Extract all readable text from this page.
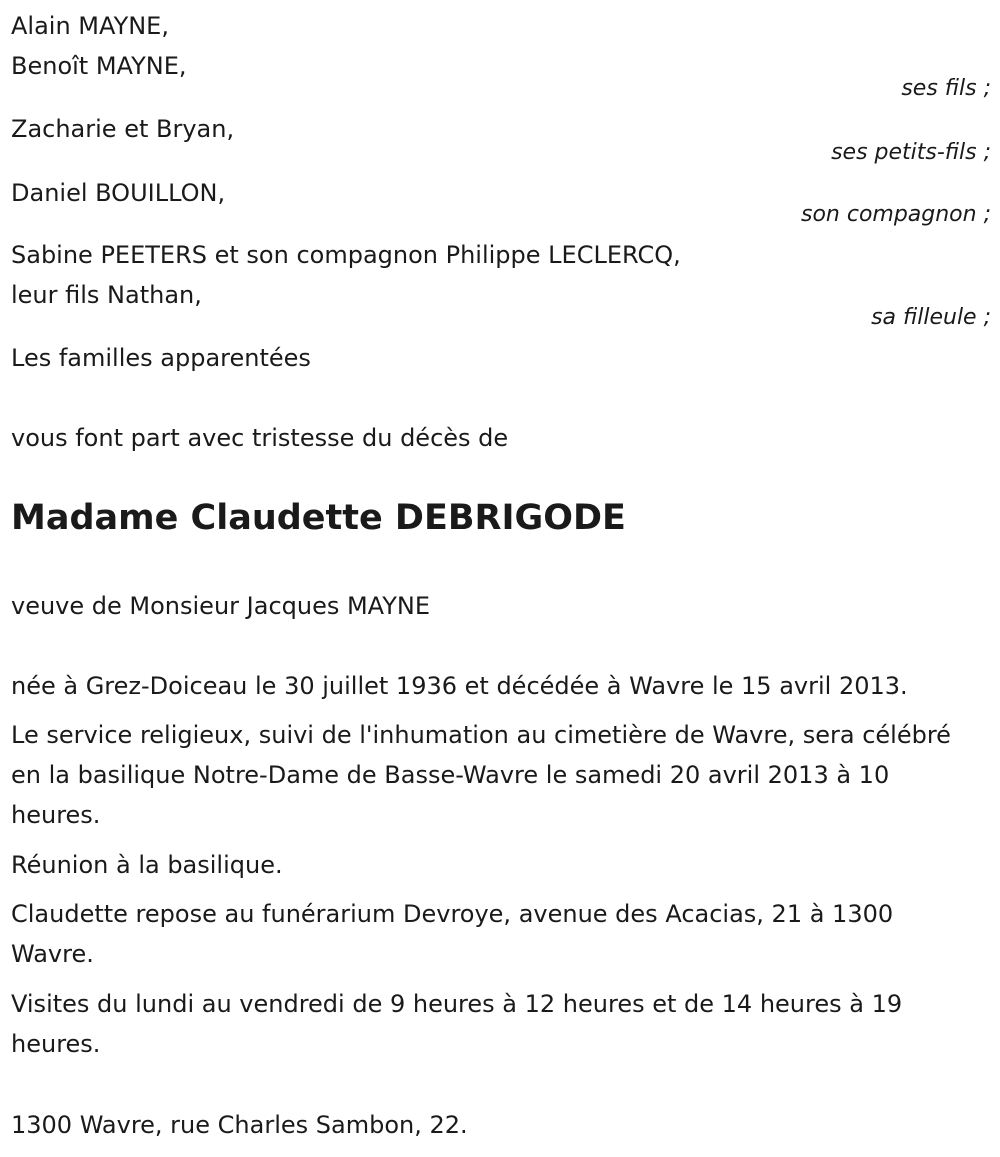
Alain MAYNE,
Benoît MAYNE,
ses fils ;
Zacharie et Bryan,
ses petits-fils ;
Daniel BOUILLON,
son compagnon ;
Sabine PEETERS et son compagnon Philippe LECLERCQ,
leur fils Nathan,
sa filleule ;
Les familles apparentées
vous font part avec tristesse du décès de
Madame Claudette DEBRIGODE
veuve de Monsieur Jacques MAYNE
née à Grez-Doiceau le 30 juillet 1936 et décédée à Wavre le 15 avril 2013.
Le service religieux, suivi de l'inhumation au cimetière de Wavre, sera célébré en la basilique Notre-Dame de Basse-Wavre le samedi 20 avril 2013 à 10 heures.
Réunion à la basilique.
Claudette repose au funérarium Devroye, avenue des Acacias, 21 à 1300 Wavre.
Visites du lundi au vendredi de 9 heures à 12 heures et de 14 heures à 19 heures.
1300 Wavre, rue Charles Sambon, 22.
